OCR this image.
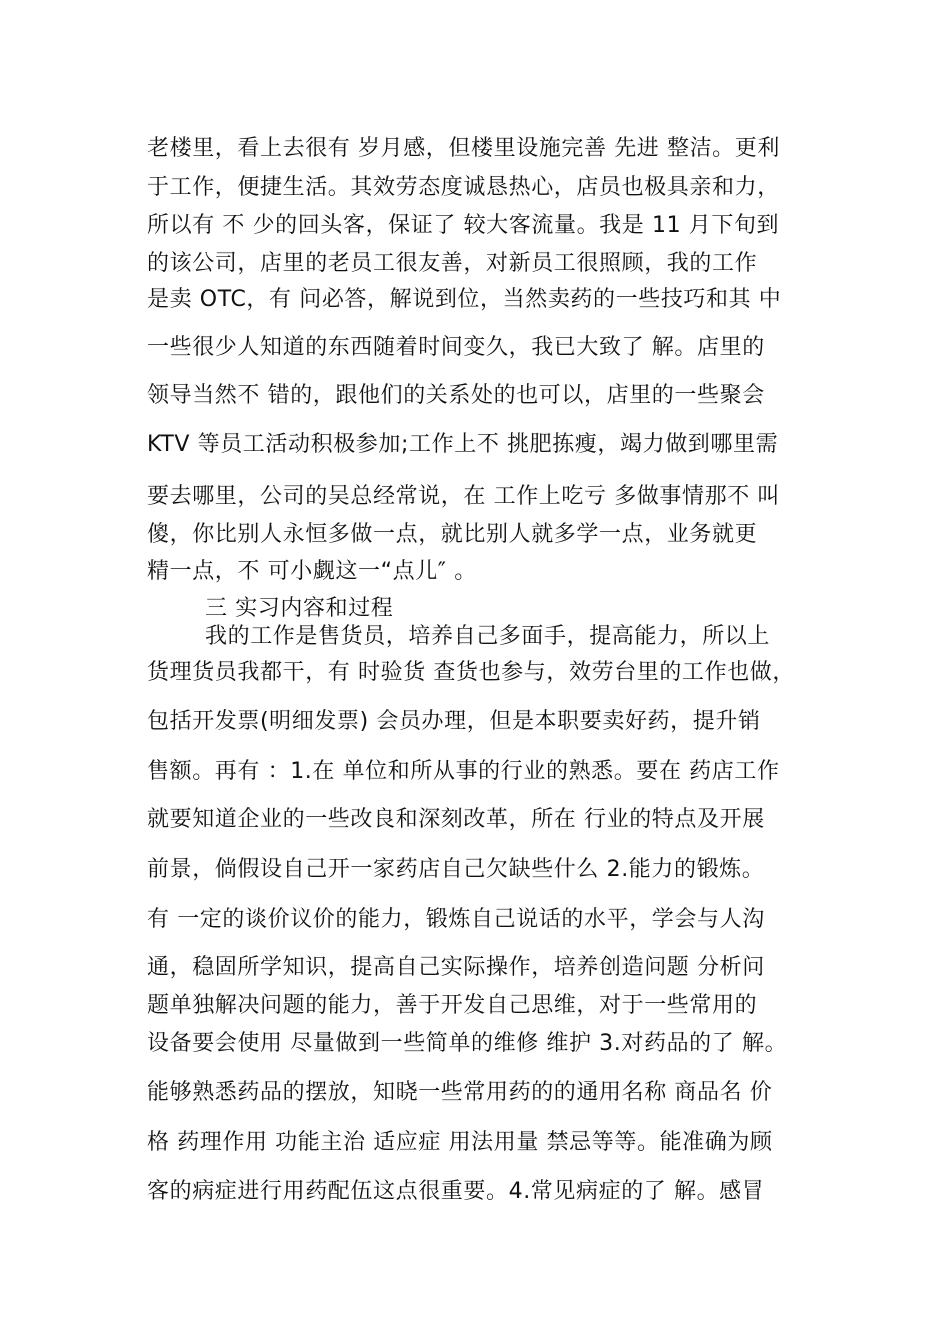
老楼里，看上去很有 岁月感，但楼里设施完善 先进 整洁。更利
于工作，便捷生活。其效劳态度诚恳热心，店员也极具亲和力，
所以有 不 少的回头客，保证了 较大客流量。我是 11 月下旬到
的该公司，店里的老员工很友善，对新员工很照顾，我的工作
是卖 OTC，有 问必答，解说到位，当然卖药的一些技巧和其 中
一些很少人知道的东西随着时间变久，我已大致了 解。店里的
领导当然不 错的，跟他们的关系处的也可以，店里的一些聚会
KTV 等员工活动积极参加;工作上不 挑肥拣瘦，竭力做到哪里需
要去哪里，公司的吴总经常说，在 工作上吃亏 多做事情那不 叫
傻，你比别人永恒多做一点，就比别人就多学一点，业务就更
精一点，不 可小觑这一“点儿″ 。
三 实习内容和过程
我的工作是售货员，培养自己多面手，提高能力，所以上
货理货员我都干，有 时验货 查货也参与，效劳台里的工作也做，
包括开发票(明细发票) 会员办理，但是本职要卖好药，提升销
售额。再有 ：1.在 单位和所从事的行业的熟悉。要在 药店工作
就要知道企业的一些改良和深刻改革，所在 行业的特点及开展
前景，倘假设自己开一家药店自己欠缺些什么 2.能力的锻炼。
有 一定的谈价议价的能力，锻炼自己说话的水平，学会与人沟
通，稳固所学知识，提高自己实际操作，培养创造问题 分析问
题单独解决问题的能力，善于开发自己思维，对于一些常用的
设备要会使用 尽量做到一些简单的维修 维护 3.对药品的了 解。
能够熟悉药品的摆放，知晓一些常用药的的通用名称 商品名 价
格 药理作用 功能主治 适应症 用法用量 禁忌等等。能准确为顾
客的病症进行用药配伍这点很重要。4.常见病症的了 解。感冒
